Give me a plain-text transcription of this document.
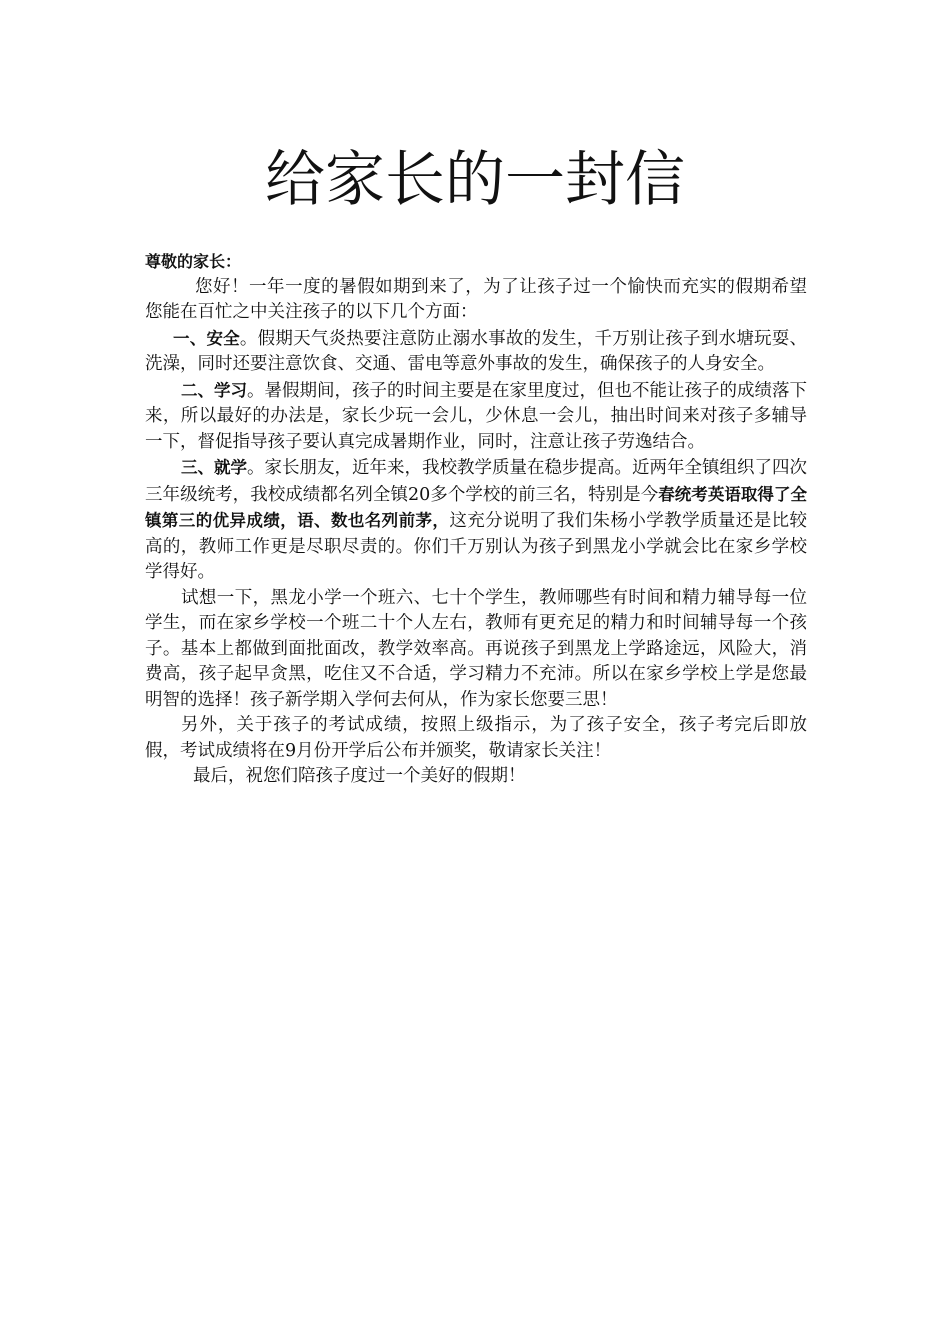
给家长的一封信

尊敬的家长：

您好！一年一度的暑假如期到来了，为了让孩子过一个愉快而充实的假期希望您能在百忙之中关注孩子的以下几个方面：

一、安全。假期天气炎热要注意防止溺水事故的发生，千万别让孩子到水塘玩耍、洗澡，同时还要注意饮食、交通、雷电等意外事故的发生，确保孩子的人身安全。

二、学习。暑假期间，孩子的时间主要是在家里度过，但也不能让孩子的成绩落下来，所以最好的办法是，家长少玩一会儿，少休息一会儿，抽出时间来对孩子多辅导一下，督促指导孩子要认真完成暑期作业，同时，注意让孩子劳逸结合。

三、就学。家长朋友，近年来，我校教学质量在稳步提高。近两年全镇组织了四次三年级统考，我校成绩都名列全镇20多个学校的前三名，特别是今春统考英语取得了全镇第三的优异成绩，语、数也名列前茅，这充分说明了我们朱杨小学教学质量还是比较高的，教师工作更是尽职尽责的。你们千万别认为孩子到黑龙小学就会比在家乡学校学得好。

试想一下，黑龙小学一个班六、七十个学生，教师哪些有时间和精力辅导每一位学生，而在家乡学校一个班二十个人左右，教师有更充足的精力和时间辅导每一个孩子。基本上都做到面批面改，教学效率高。再说孩子到黑龙上学路途远，风险大，消费高，孩子起早贪黑，吃住又不合适，学习精力不充沛。所以在家乡学校上学是您最明智的选择！孩子新学期入学何去何从，作为家长您要三思！

另外，关于孩子的考试成绩，按照上级指示，为了孩子安全，孩子考完后即放假，考试成绩将在9月份开学后公布并颁奖，敬请家长关注！

最后，祝您们陪孩子度过一个美好的假期！
